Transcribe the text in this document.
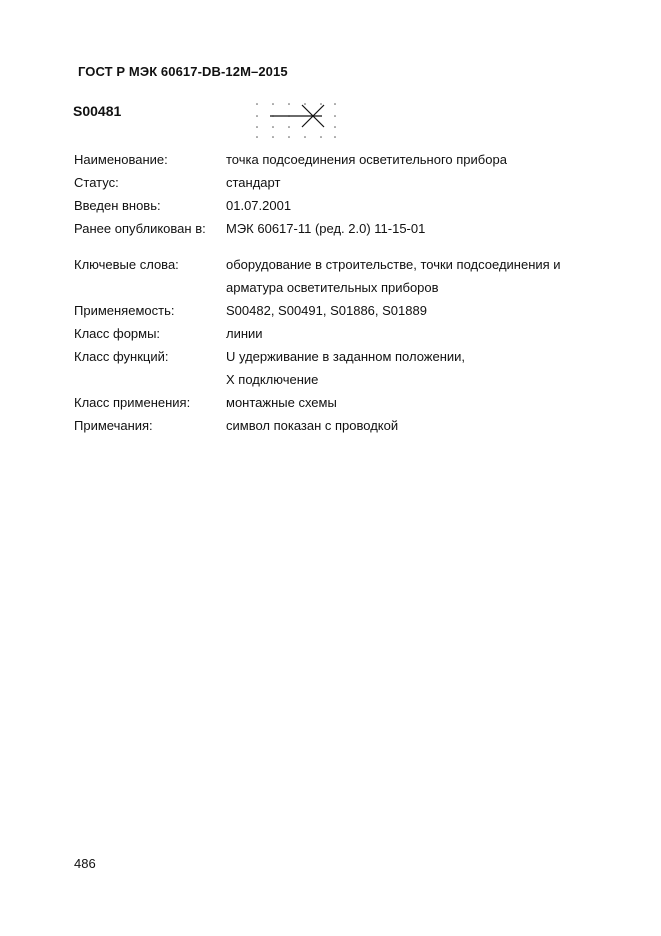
ГОСТ Р МЭК 60617-DB-12M–2015
S00481
Наименование:	точка подсоединения осветительного прибора
Статус:	стандарт
Введен вновь:	01.07.2001
Ранее опубликован в:	МЭК 60617-11 (ред. 2.0) 11-15-01
Ключевые слова:	оборудование в строительстве, точки подсоединения и
арматура осветительных приборов
Применяемость:	S00482, S00491, S01886, S01889
Класс формы:	линии
Класс функций:	U удерживание в заданном положении,
X подключение
Класс применения:	монтажные схемы
Примечания:	символ показан с проводкой
486
